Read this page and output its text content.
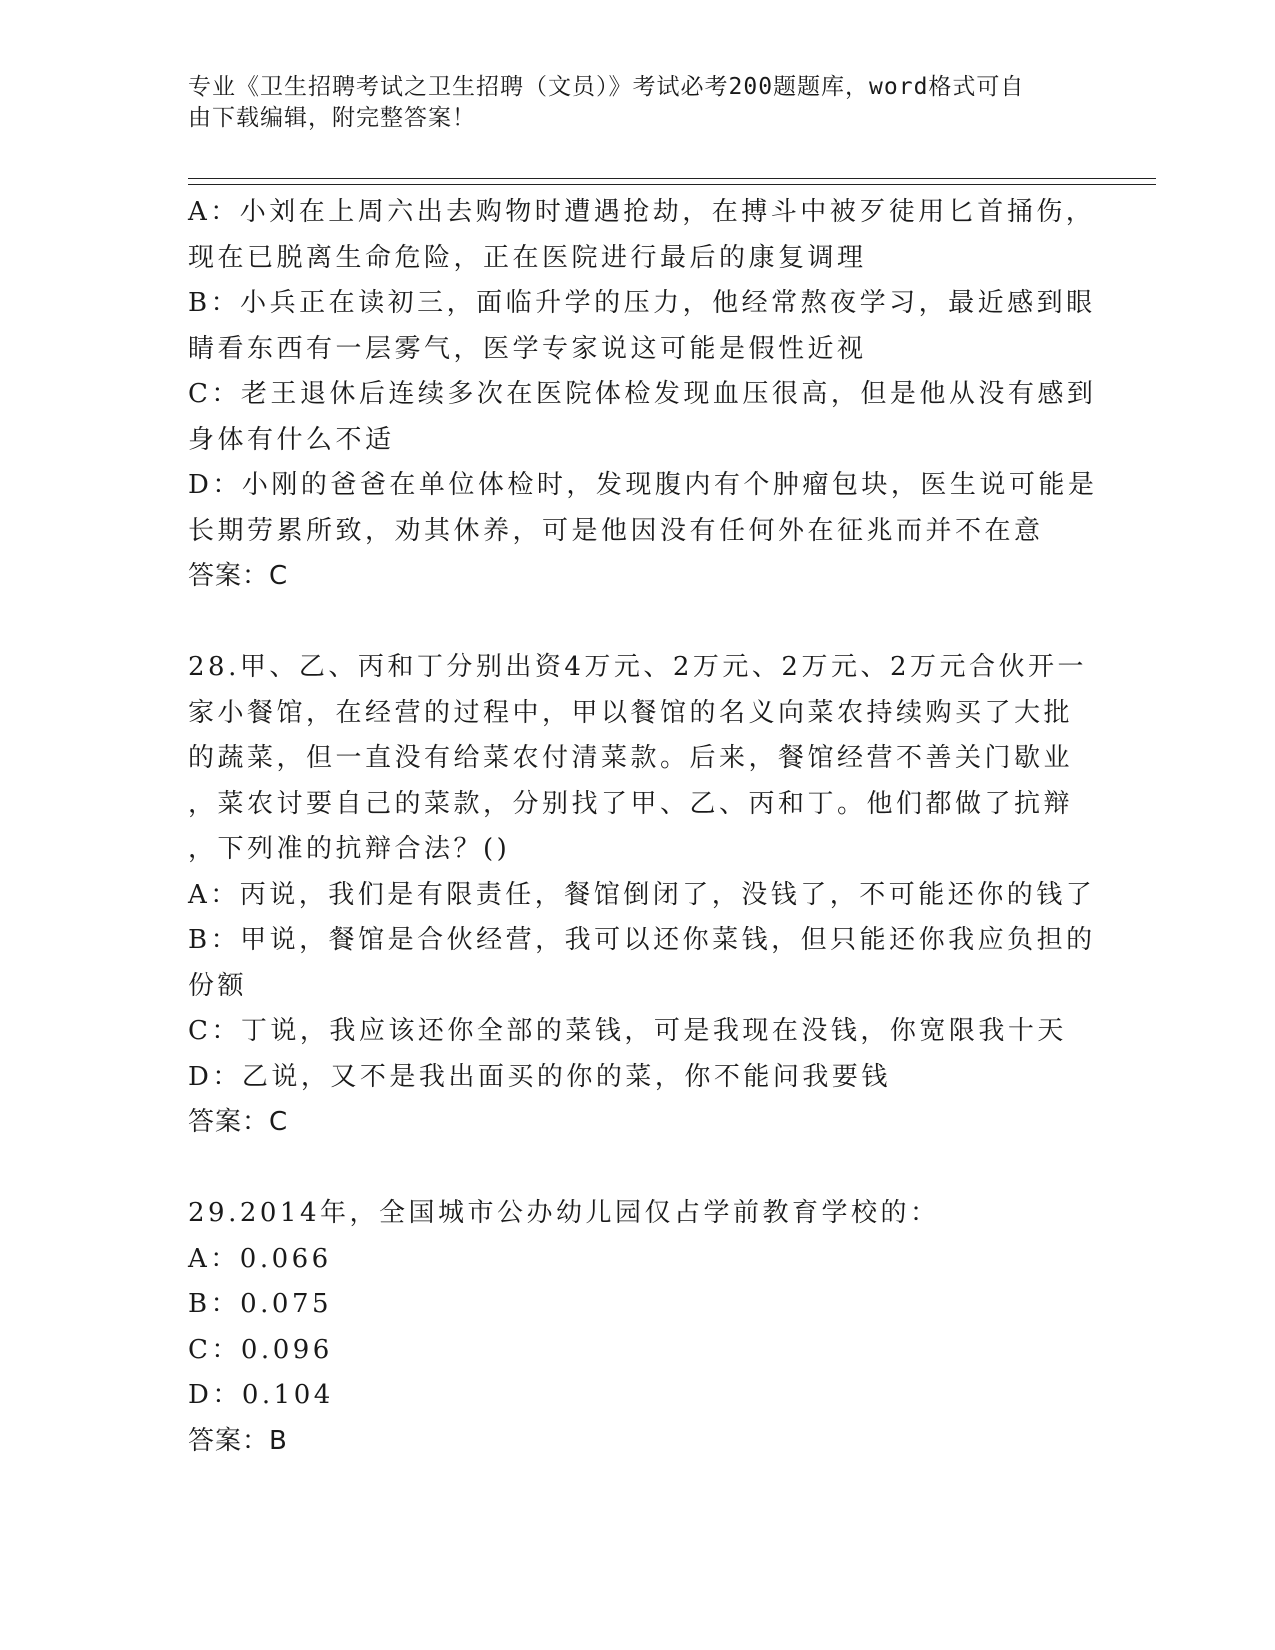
专业《卫生招聘考试之卫生招聘（文员）》考试必考200题题库，word格式可自
由下载编辑，附完整答案！
A：小刘在上周六出去购物时遭遇抢劫，在搏斗中被歹徒用匕首捅伤，
现在已脱离生命危险，正在医院进行最后的康复调理
B：小兵正在读初三，面临升学的压力，他经常熬夜学习，最近感到眼
睛看东西有一层雾气，医学专家说这可能是假性近视
C：老王退休后连续多次在医院体检发现血压很高，但是他从没有感到
身体有什么不适
D：小刚的爸爸在单位体检时，发现腹内有个肿瘤包块，医生说可能是
长期劳累所致，劝其休养，可是他因没有任何外在征兆而并不在意
答案：C
28.甲、乙、丙和丁分别出资4万元、2万元、2万元、2万元合伙开一
家小餐馆，在经营的过程中，甲以餐馆的名义向菜农持续购买了大批
的蔬菜，但一直没有给菜农付清菜款。后来，餐馆经营不善关门歇业
，菜农讨要自己的菜款，分别找了甲、乙、丙和丁。他们都做了抗辩
，下列准的抗辩合法？()
A：丙说，我们是有限责任，餐馆倒闭了，没钱了，不可能还你的钱了
B：甲说，餐馆是合伙经营，我可以还你菜钱，但只能还你我应负担的
份额
C：丁说，我应该还你全部的菜钱，可是我现在没钱，你宽限我十天
D：乙说，又不是我出面买的你的菜，你不能问我要钱
答案：C
29.2014年，全国城市公办幼儿园仅占学前教育学校的：
A：0.066
B：0.075
C：0.096
D：0.104
答案：B
